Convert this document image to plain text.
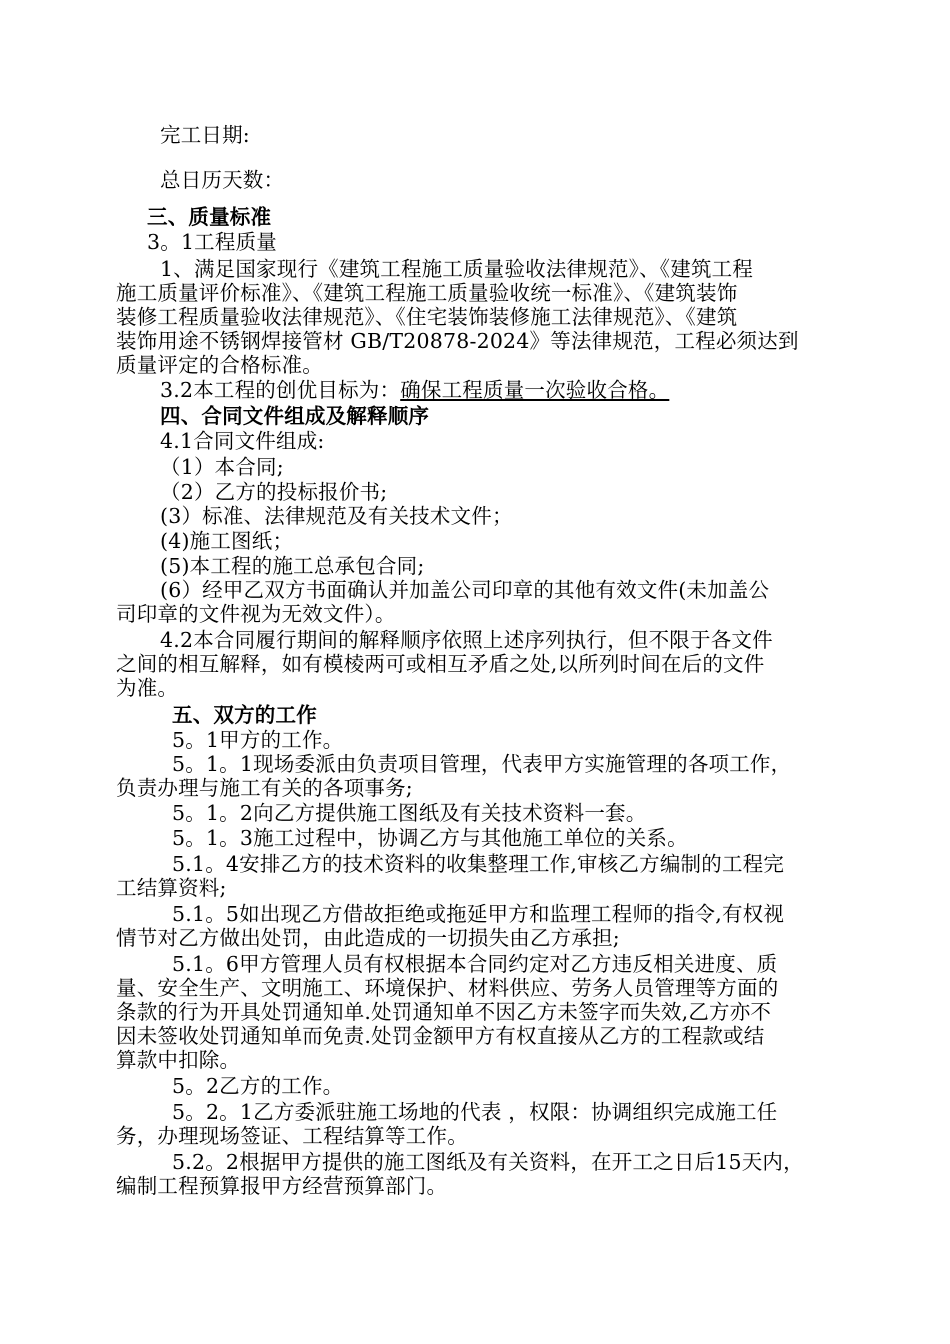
完工日期:
总日历天数：
三、质量标准
3。1工程质量
1、满足国家现行《建筑工程施工质量验收法律规范》、《建筑工程
施工质量评价标准》、《建筑工程施工质量验收统一标准》、《建筑装饰
装修工程质量验收法律规范》、《住宅装饰装修施工法律规范》、《建筑
装饰用途不锈钢焊接管材 GB/T20878-2024》等法律规范，工程必须达到
质量评定的合格标准。
3.2本工程的创优目标为：确保工程质量一次验收合格。
四、合同文件组成及解释顺序
4.1合同文件组成:
（1）本合同;
（2）乙方的投标报价书;
(3）标准、法律规范及有关技术文件；
(4)施工图纸；
(5)本工程的施工总承包合同;
(6）经甲乙双方书面确认并加盖公司印章的其他有效文件(未加盖公
司印章的文件视为无效文件）。
4.2本合同履行期间的解释顺序依照上述序列执行，但不限于各文件
之间的相互解释，如有模棱两可或相互矛盾之处,以所列时间在后的文件
为准。
五、双方的工作
5。1甲方的工作。
5。1。1现场委派由负责项目管理，代表甲方实施管理的各项工作，
负责办理与施工有关的各项事务;
5。1。2向乙方提供施工图纸及有关技术资料一套。
5。1。3施工过程中，协调乙方与其他施工单位的关系。
5.1。4安排乙方的技术资料的收集整理工作,审核乙方编制的工程完
工结算资料;
5.1。5如出现乙方借故拒绝或拖延甲方和监理工程师的指令,有权视
情节对乙方做出处罚，由此造成的一切损失由乙方承担;
5.1。6甲方管理人员有权根据本合同约定对乙方违反相关进度、质
量、安全生产、文明施工、环境保护、材料供应、劳务人员管理等方面的
条款的行为开具处罚通知单.处罚通知单不因乙方未签字而失效,乙方亦不
因未签收处罚通知单而免责.处罚金额甲方有权直接从乙方的工程款或结
算款中扣除。
5。2乙方的工作。
5。2。1乙方委派驻施工场地的代表 ，权限：协调组织完成施工任
务，办理现场签证、工程结算等工作。
5.2。2根据甲方提供的施工图纸及有关资料，在开工之日后15天内，
编制工程预算报甲方经营预算部门。
